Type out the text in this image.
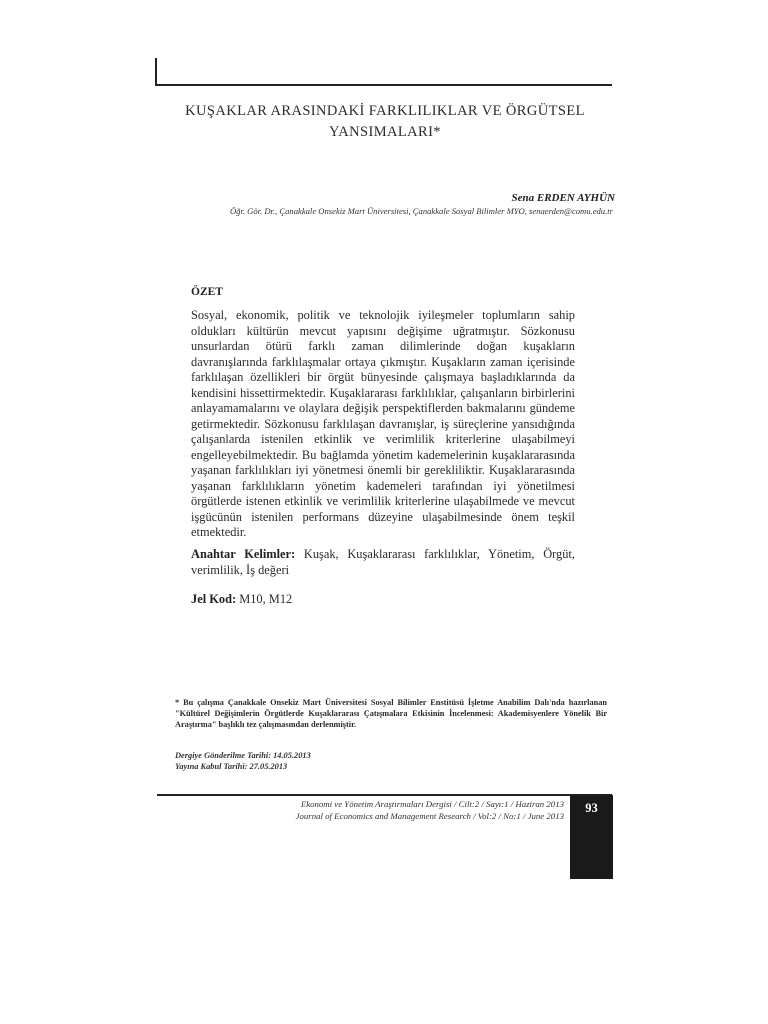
KUŞAKLAR ARASINDAKİ FARKLILIKLAR VE ÖRGÜTSEL
YANSIMALARI*
Sena ERDEN AYHÜN
Öğr. Gör. Dr., Çanakkale Onsekiz Mart Üniversitesi, Çanakkale Sosyal Bilimler MYO, senaerden@comu.edu.tr
ÖZET

Sosyal, ekonomik, politik ve teknolojik iyileşmeler toplumların sahip oldukları kültürün mevcut yapısını değişime uğratmıştır. Sözkonusu unsurlardan ötürü farklı zaman dilimlerinde doğan kuşakların davranışlarında farklılaşmalar ortaya çıkmıştır. Kuşakların zaman içerisinde farklılaşan özellikleri bir örgüt bünyesinde çalışmaya başladıklarında da kendisini hissettirmektedir. Kuşaklararası farklılıklar, çalışanların birbirlerini anlayamamalarını ve olaylara değişik perspektiflerden bakmalarını gündeme getirmektedir. Sözkonusu farklılaşan davranışlar, iş süreçlerine yansıdığında çalışanlarda istenilen etkinlik ve verimlilik kriterlerine ulaşabilmeyi engelleyebilmektedir. Bu bağlamda yönetim kademelerinin kuşaklararasında yaşanan farklılıkları iyi yönetmesi önemli bir gerekliliktir. Kuşaklararasında yaşanan farklılıkların yönetim kademeleri tarafından iyi yönetilmesi örgütlerde istenen etkinlik ve verimlilik kriterlerine ulaşabilmede ve mevcut işgücünün istenilen performans düzeyine ulaşabilmesinde önem teşkil etmektedir.

Anahtar Kelimler: Kuşak, Kuşaklararası farklılıklar, Yönetim, Örgüt, verimlilik, İş değeri

Jel Kod: M10, M12

* Bu çalışma Çanakkale Onsekiz Mart Üniversitesi Sosyal Bilimler Enstitüsü İşletme Anabilim Dalı'nda hazırlanan "Kültürel Değişimlerin Örgütlerde Kuşaklararası Çatışmalara Etkisinin İncelenmesi: Akademisyenlere Yönelik Bir Araştırma" başlıklı tez çalışmasından derlenmiştir.

Dergiye Gönderilme Tarihi: 14.05.2013
Yayına Kabul Tarihi: 27.05.2013
Ekonomi ve Yönetim Araştırmaları Dergisi / Cilt:2 / Sayı:1 / Haziran 2013
Journal of Economics and Management Research / Vol:2 / No:1 / June 2013
93
